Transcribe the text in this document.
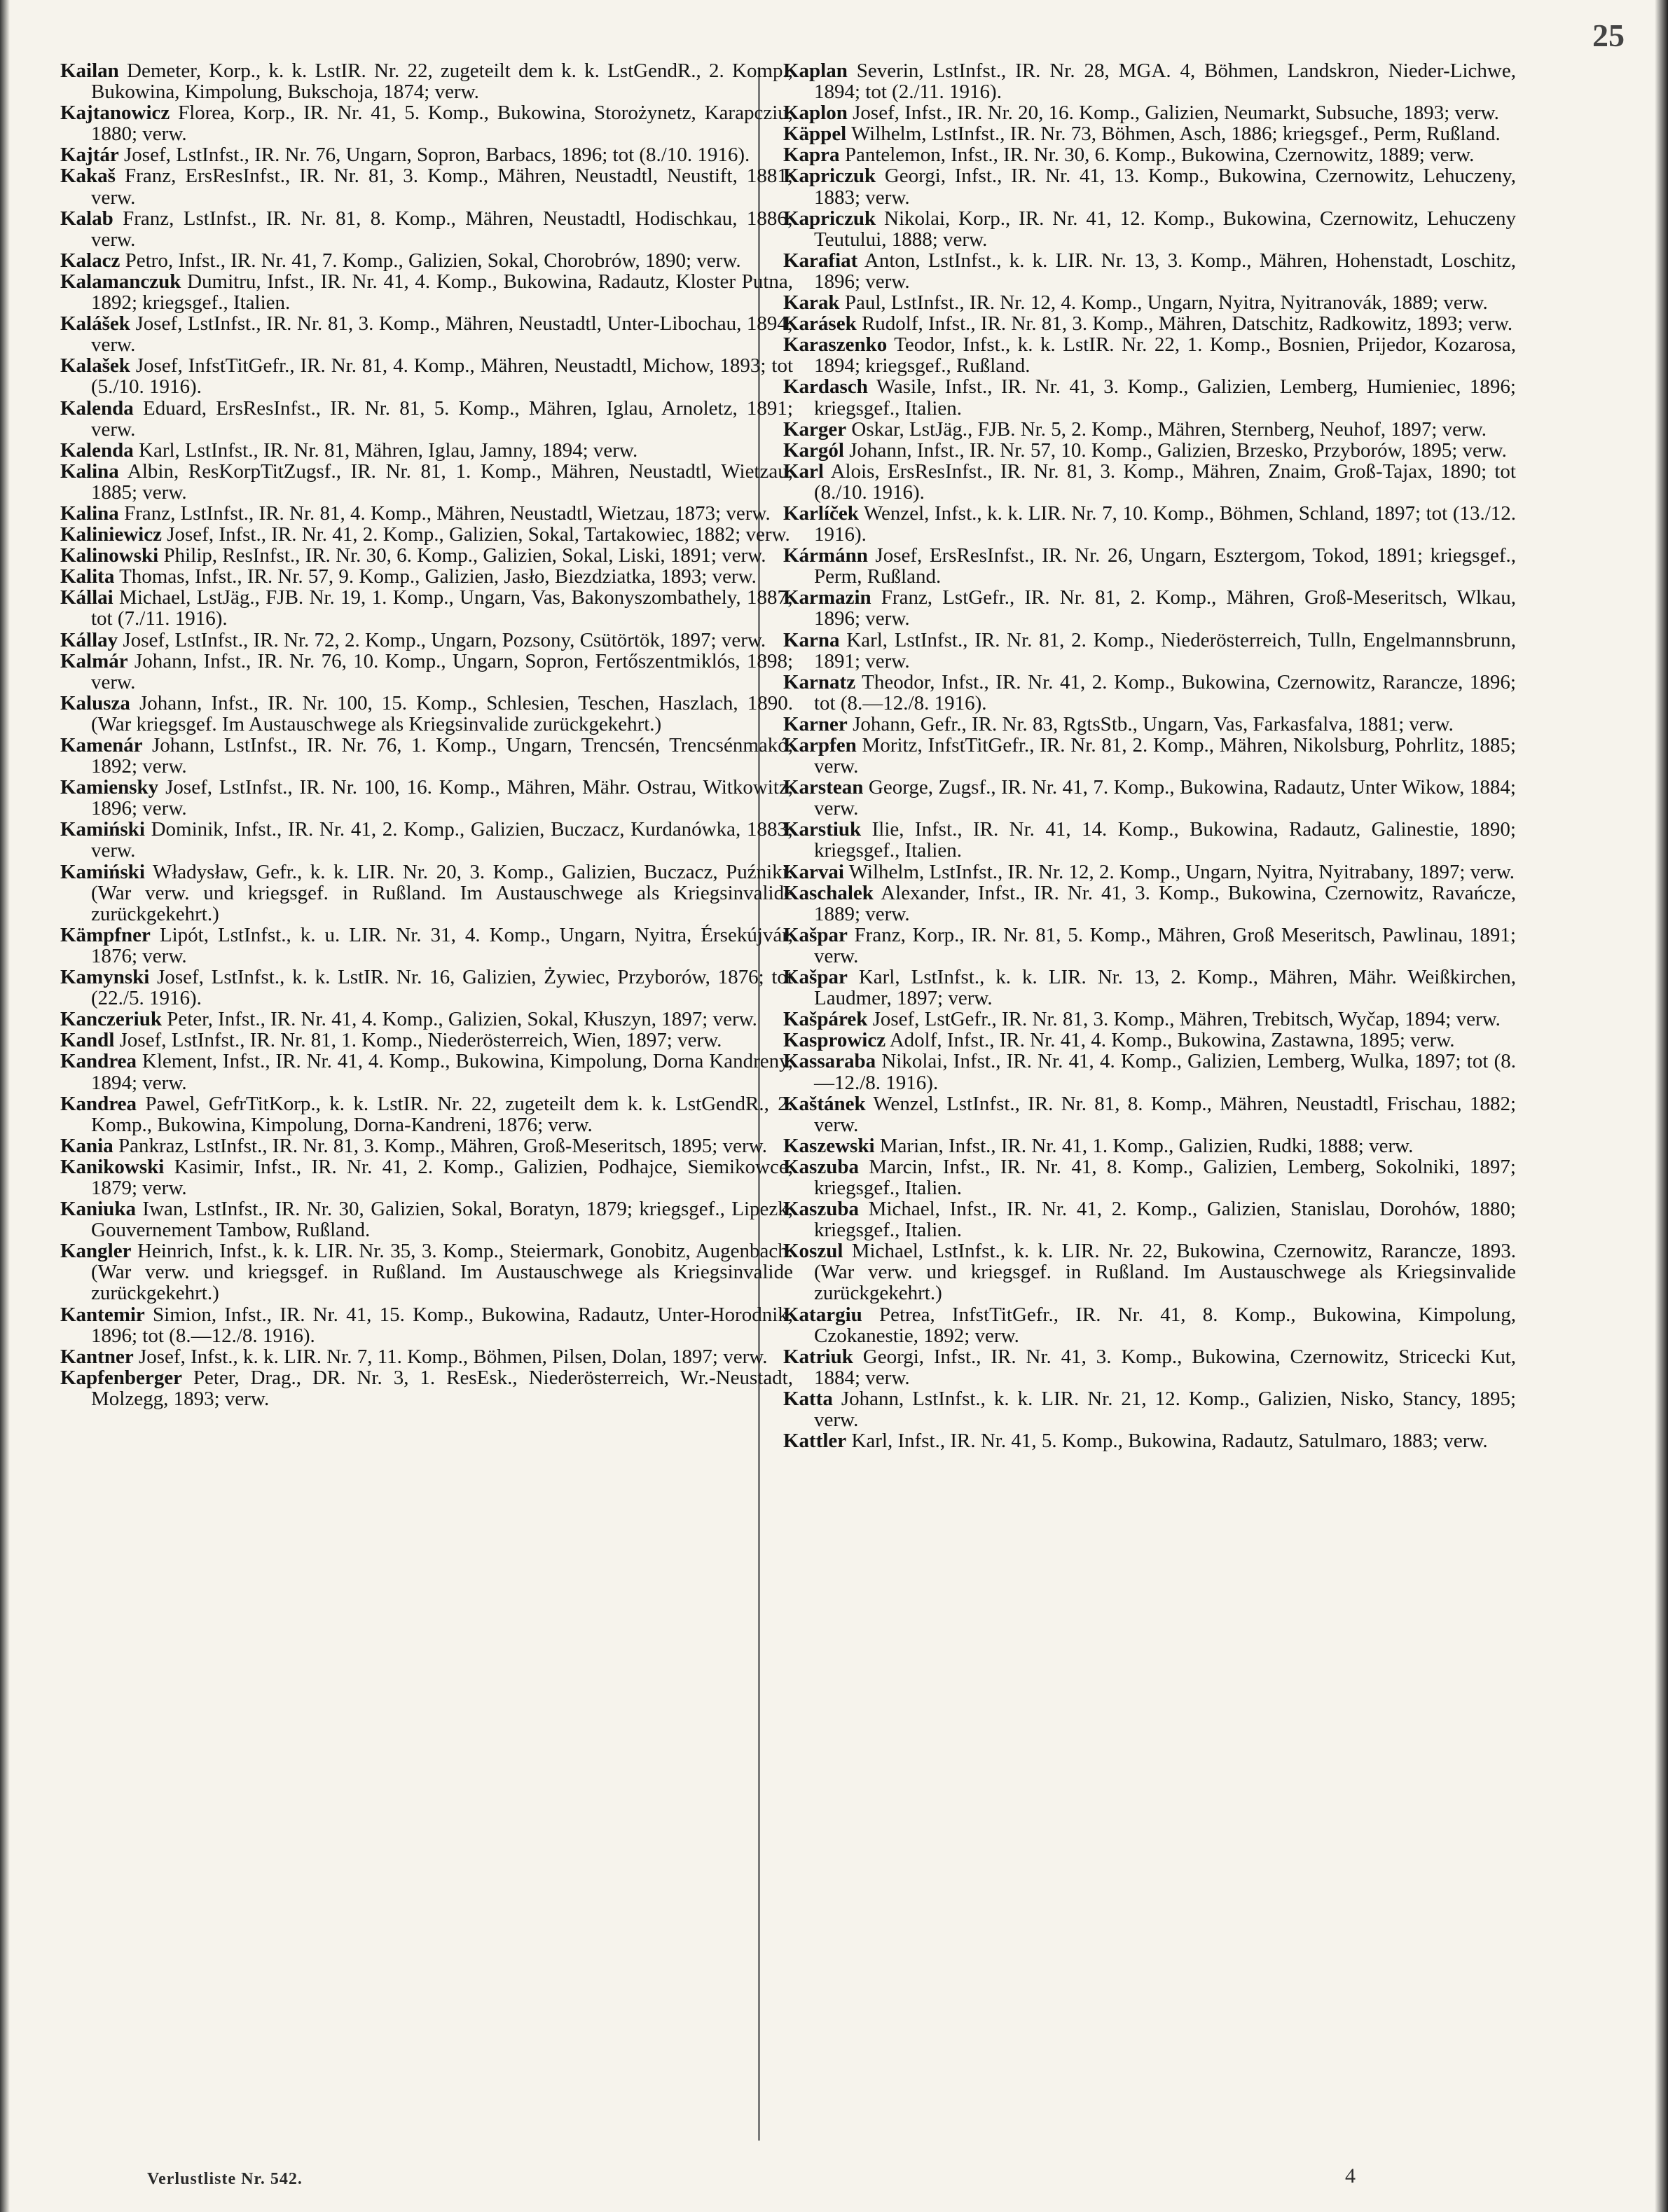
25

Kailan Demeter, Korp., k. k. LstIR. Nr. 22, zugeteilt dem k. k. LstGendR., 2. Komp., Bukowina, Kimpolung, Bukschoja, 1874; verw.

Kajtanowicz Florea, Korp., IR. Nr. 41, 5. Komp., Bukowina, Storożynetz, Karapcziu, 1880; verw.

Kajtár Josef, LstInfst., IR. Nr. 76, Ungarn, Sopron, Barbacs, 1896; tot (8./10. 1916).

Kakaš Franz, ErsResInfst., IR. Nr. 81, 3. Komp., Mähren, Neustadtl, Neustift, 1881; verw.

Kalab Franz, LstInfst., IR. Nr. 81, 8. Komp., Mähren, Neustadtl, Hodischkau, 1886; verw.

Kalacz Petro, Infst., IR. Nr. 41, 7. Komp., Galizien, Sokal, Chorobrów, 1890; verw.

Kalamanczuk Dumitru, Infst., IR. Nr. 41, 4. Komp., Bukowina, Radautz, Kloster Putna, 1892; kriegsgef., Italien.

Kalášek Josef, LstInfst., IR. Nr. 81, 3. Komp., Mähren, Neustadtl, Unter-Libochau, 1894; verw.

Kalašek Josef, InfstTitGefr., IR. Nr. 81, 4. Komp., Mähren, Neustadtl, Michow, 1893; tot (5./10. 1916).

Kalenda Eduard, ErsResInfst., IR. Nr. 81, 5. Komp., Mähren, Iglau, Arnoletz, 1891; verw.

Kalenda Karl, LstInfst., IR. Nr. 81, Mähren, Iglau, Jamny, 1894; verw.

Kalina Albin, ResKorpTitZugsf., IR. Nr. 81, 1. Komp., Mähren, Neustadtl, Wietzau, 1885; verw.

Kalina Franz, LstInfst., IR. Nr. 81, 4. Komp., Mähren, Neustadtl, Wietzau, 1873; verw.

Kaliniewicz Josef, Infst., IR. Nr. 41, 2. Komp., Galizien, Sokal, Tartakowiec, 1882; verw.

Kalinowski Philip, ResInfst., IR. Nr. 30, 6. Komp., Galizien, Sokal, Liski, 1891; verw.

Kalita Thomas, Infst., IR. Nr. 57, 9. Komp., Galizien, Jasło, Biezdziatka, 1893; verw.

Kállai Michael, LstJäg., FJB. Nr. 19, 1. Komp., Ungarn, Vas, Bakonyszombathely, 1887; tot (7./11. 1916).

Kállay Josef, LstInfst., IR. Nr. 72, 2. Komp., Ungarn, Pozsony, Csütörtök, 1897; verw.

Kalmár Johann, Infst., IR. Nr. 76, 10. Komp., Ungarn, Sopron, Fertőszentmiklós, 1898; verw.

Kalusza Johann, Infst., IR. Nr. 100, 15. Komp., Schlesien, Teschen, Haszlach, 1890. (War kriegsgef. Im Austauschwege als Kriegsinvalide zurückgekehrt.)

Kamenár Johann, LstInfst., IR. Nr. 76, 1. Komp., Ungarn, Trencsén, Trencsénmakó, 1892; verw.

Kamiensky Josef, LstInfst., IR. Nr. 100, 16. Komp., Mähren, Mähr. Ostrau, Witkowitz, 1896; verw.

Kamiński Dominik, Infst., IR. Nr. 41, 2. Komp., Galizien, Buczacz, Kurdanówka, 1883; verw.

Kamiński Władysław, Gefr., k. k. LIR. Nr. 20, 3. Komp., Galizien, Buczacz, Puźniki. (War verw. und kriegsgef. in Rußland. Im Austauschwege als Kriegsinvalide zurückgekehrt.)

Kämpfner Lipót, LstInfst., k. u. LIR. Nr. 31, 4. Komp., Ungarn, Nyitra, Érsekújvár, 1876; verw.

Kamynski Josef, LstInfst., k. k. LstIR. Nr. 16, Galizien, Żywiec, Przyborów, 1876; tot (22./5. 1916).

Kanczeriuk Peter, Infst., IR. Nr. 41, 4. Komp., Galizien, Sokal, Kłuszyn, 1897; verw.

Kandl Josef, LstInfst., IR. Nr. 81, 1. Komp., Niederösterreich, Wien, 1897; verw.

Kandrea Klement, Infst., IR. Nr. 41, 4. Komp., Bukowina, Kimpolung, Dorna Kandreny, 1894; verw.

Kandrea Pawel, GefrTitKorp., k. k. LstIR. Nr. 22, zugeteilt dem k. k. LstGendR., 2. Komp., Bukowina, Kimpolung, Dorna-Kandreni, 1876; verw.

Kania Pankraz, LstInfst., IR. Nr. 81, 3. Komp., Mähren, Groß-Meseritsch, 1895; verw.

Kanikowski Kasimir, Infst., IR. Nr. 41, 2. Komp., Galizien, Podhajce, Siemikowce, 1879; verw.

Kaniuka Iwan, LstInfst., IR. Nr. 30, Galizien, Sokal, Boratyn, 1879; kriegsgef., Lipezk, Gouvernement Tambow, Rußland.

Kangler Heinrich, Infst., k. k. LIR. Nr. 35, 3. Komp., Steiermark, Gonobitz, Augenbach. (War verw. und kriegsgef. in Rußland. Im Austauschwege als Kriegsinvalide zurückgekehrt.)

Kantemir Simion, Infst., IR. Nr. 41, 15. Komp., Bukowina, Radautz, Unter-Horodnik, 1896; tot (8.—12./8. 1916).

Kantner Josef, Infst., k. k. LIR. Nr. 7, 11. Komp., Böhmen, Pilsen, Dolan, 1897; verw.

Kapfenberger Peter, Drag., DR. Nr. 3, 1. ResEsk., Niederösterreich, Wr.-Neustadt, Molzegg, 1893; verw.

Kaplan Severin, LstInfst., IR. Nr. 28, MGA. 4, Böhmen, Landskron, Nieder-Lichwe, 1894; tot (2./11. 1916).

Kaplon Josef, Infst., IR. Nr. 20, 16. Komp., Galizien, Neumarkt, Subsuche, 1893; verw.

Käppel Wilhelm, LstInfst., IR. Nr. 73, Böhmen, Asch, 1886; kriegsgef., Perm, Rußland.

Kapra Pantelemon, Infst., IR. Nr. 30, 6. Komp., Bukowina, Czernowitz, 1889; verw.

Kapriczuk Georgi, Infst., IR. Nr. 41, 13. Komp., Bukowina, Czernowitz, Lehuczeny, 1883; verw.

Kapriczuk Nikolai, Korp., IR. Nr. 41, 12. Komp., Bukowina, Czernowitz, Lehuczeny Teutului, 1888; verw.

Karafiat Anton, LstInfst., k. k. LIR. Nr. 13, 3. Komp., Mähren, Hohenstadt, Loschitz, 1896; verw.

Karak Paul, LstInfst., IR. Nr. 12, 4. Komp., Ungarn, Nyitra, Nyitranovák, 1889; verw.

Karásek Rudolf, Infst., IR. Nr. 81, 3. Komp., Mähren, Datschitz, Radkowitz, 1893; verw.

Karaszenko Teodor, Infst., k. k. LstIR. Nr. 22, 1. Komp., Bosnien, Prijedor, Kozarosa, 1894; kriegsgef., Rußland.

Kardasch Wasile, Infst., IR. Nr. 41, 3. Komp., Galizien, Lemberg, Humieniec, 1896; kriegsgef., Italien.

Karger Oskar, LstJäg., FJB. Nr. 5, 2. Komp., Mähren, Sternberg, Neuhof, 1897; verw.

Kargól Johann, Infst., IR. Nr. 57, 10. Komp., Galizien, Brzesko, Przyborów, 1895; verw.

Karl Alois, ErsResInfst., IR. Nr. 81, 3. Komp., Mähren, Znaim, Groß-Tajax, 1890; tot (8./10. 1916).

Karlíček Wenzel, Infst., k. k. LIR. Nr. 7, 10. Komp., Böhmen, Schland, 1897; tot (13./12. 1916).

Kármánn Josef, ErsResInfst., IR. Nr. 26, Ungarn, Esztergom, Tokod, 1891; kriegsgef., Perm, Rußland.

Karmazin Franz, LstGefr., IR. Nr. 81, 2. Komp., Mähren, Groß-Meseritsch, Wlkau, 1896; verw.

Karna Karl, LstInfst., IR. Nr. 81, 2. Komp., Niederösterreich, Tulln, Engelmannsbrunn, 1891; verw.

Karnatz Theodor, Infst., IR. Nr. 41, 2. Komp., Bukowina, Czernowitz, Rarancze, 1896; tot (8.—12./8. 1916).

Karner Johann, Gefr., IR. Nr. 83, RgtsStb., Ungarn, Vas, Farkasfalva, 1881; verw.

Karpfen Moritz, InfstTitGefr., IR. Nr. 81, 2. Komp., Mähren, Nikolsburg, Pohrlitz, 1885; verw.

Karstean George, Zugsf., IR. Nr. 41, 7. Komp., Bukowina, Radautz, Unter Wikow, 1884; verw.

Karstiuk Ilie, Infst., IR. Nr. 41, 14. Komp., Bukowina, Radautz, Galinestie, 1890; kriegsgef., Italien.

Karvai Wilhelm, LstInfst., IR. Nr. 12, 2. Komp., Ungarn, Nyitra, Nyitrabany, 1897; verw.

Kaschalek Alexander, Infst., IR. Nr. 41, 3. Komp., Bukowina, Czernowitz, Ravańcze, 1889; verw.

Kašpar Franz, Korp., IR. Nr. 81, 5. Komp., Mähren, Groß Meseritsch, Pawlinau, 1891; verw.

Kašpar Karl, LstInfst., k. k. LIR. Nr. 13, 2. Komp., Mähren, Mähr. Weißkirchen, Laudmer, 1897; verw.

Kašpárek Josef, LstGefr., IR. Nr. 81, 3. Komp., Mähren, Trebitsch, Wyčap, 1894; verw.

Kasprowicz Adolf, Infst., IR. Nr. 41, 4. Komp., Bukowina, Zastawna, 1895; verw.

Kassaraba Nikolai, Infst., IR. Nr. 41, 4. Komp., Galizien, Lemberg, Wulka, 1897; tot (8.—12./8. 1916).

Kaštánek Wenzel, LstInfst., IR. Nr. 81, 8. Komp., Mähren, Neustadtl, Frischau, 1882; verw.

Kaszewski Marian, Infst., IR. Nr. 41, 1. Komp., Galizien, Rudki, 1888; verw.

Kaszuba Marcin, Infst., IR. Nr. 41, 8. Komp., Galizien, Lemberg, Sokolniki, 1897; kriegsgef., Italien.

Kaszuba Michael, Infst., IR. Nr. 41, 2. Komp., Galizien, Stanislau, Dorohów, 1880; kriegsgef., Italien.

Koszul Michael, LstInfst., k. k. LIR. Nr. 22, Bukowina, Czernowitz, Rarancze, 1893. (War verw. und kriegsgef. in Rußland. Im Austauschwege als Kriegsinvalide zurückgekehrt.)

Katargiu Petrea, InfstTitGefr., IR. Nr. 41, 8. Komp., Bukowina, Kimpolung, Czokanestie, 1892; verw.

Katriuk Georgi, Infst., IR. Nr. 41, 3. Komp., Bukowina, Czernowitz, Stricecki Kut, 1884; verw.

Katta Johann, LstInfst., k. k. LIR. Nr. 21, 12. Komp., Galizien, Nisko, Stancy, 1895; verw.

Kattler Karl, Infst., IR. Nr. 41, 5. Komp., Bukowina, Radautz, Satulmaro, 1883; verw.

Verlustliste Nr. 542.	4
